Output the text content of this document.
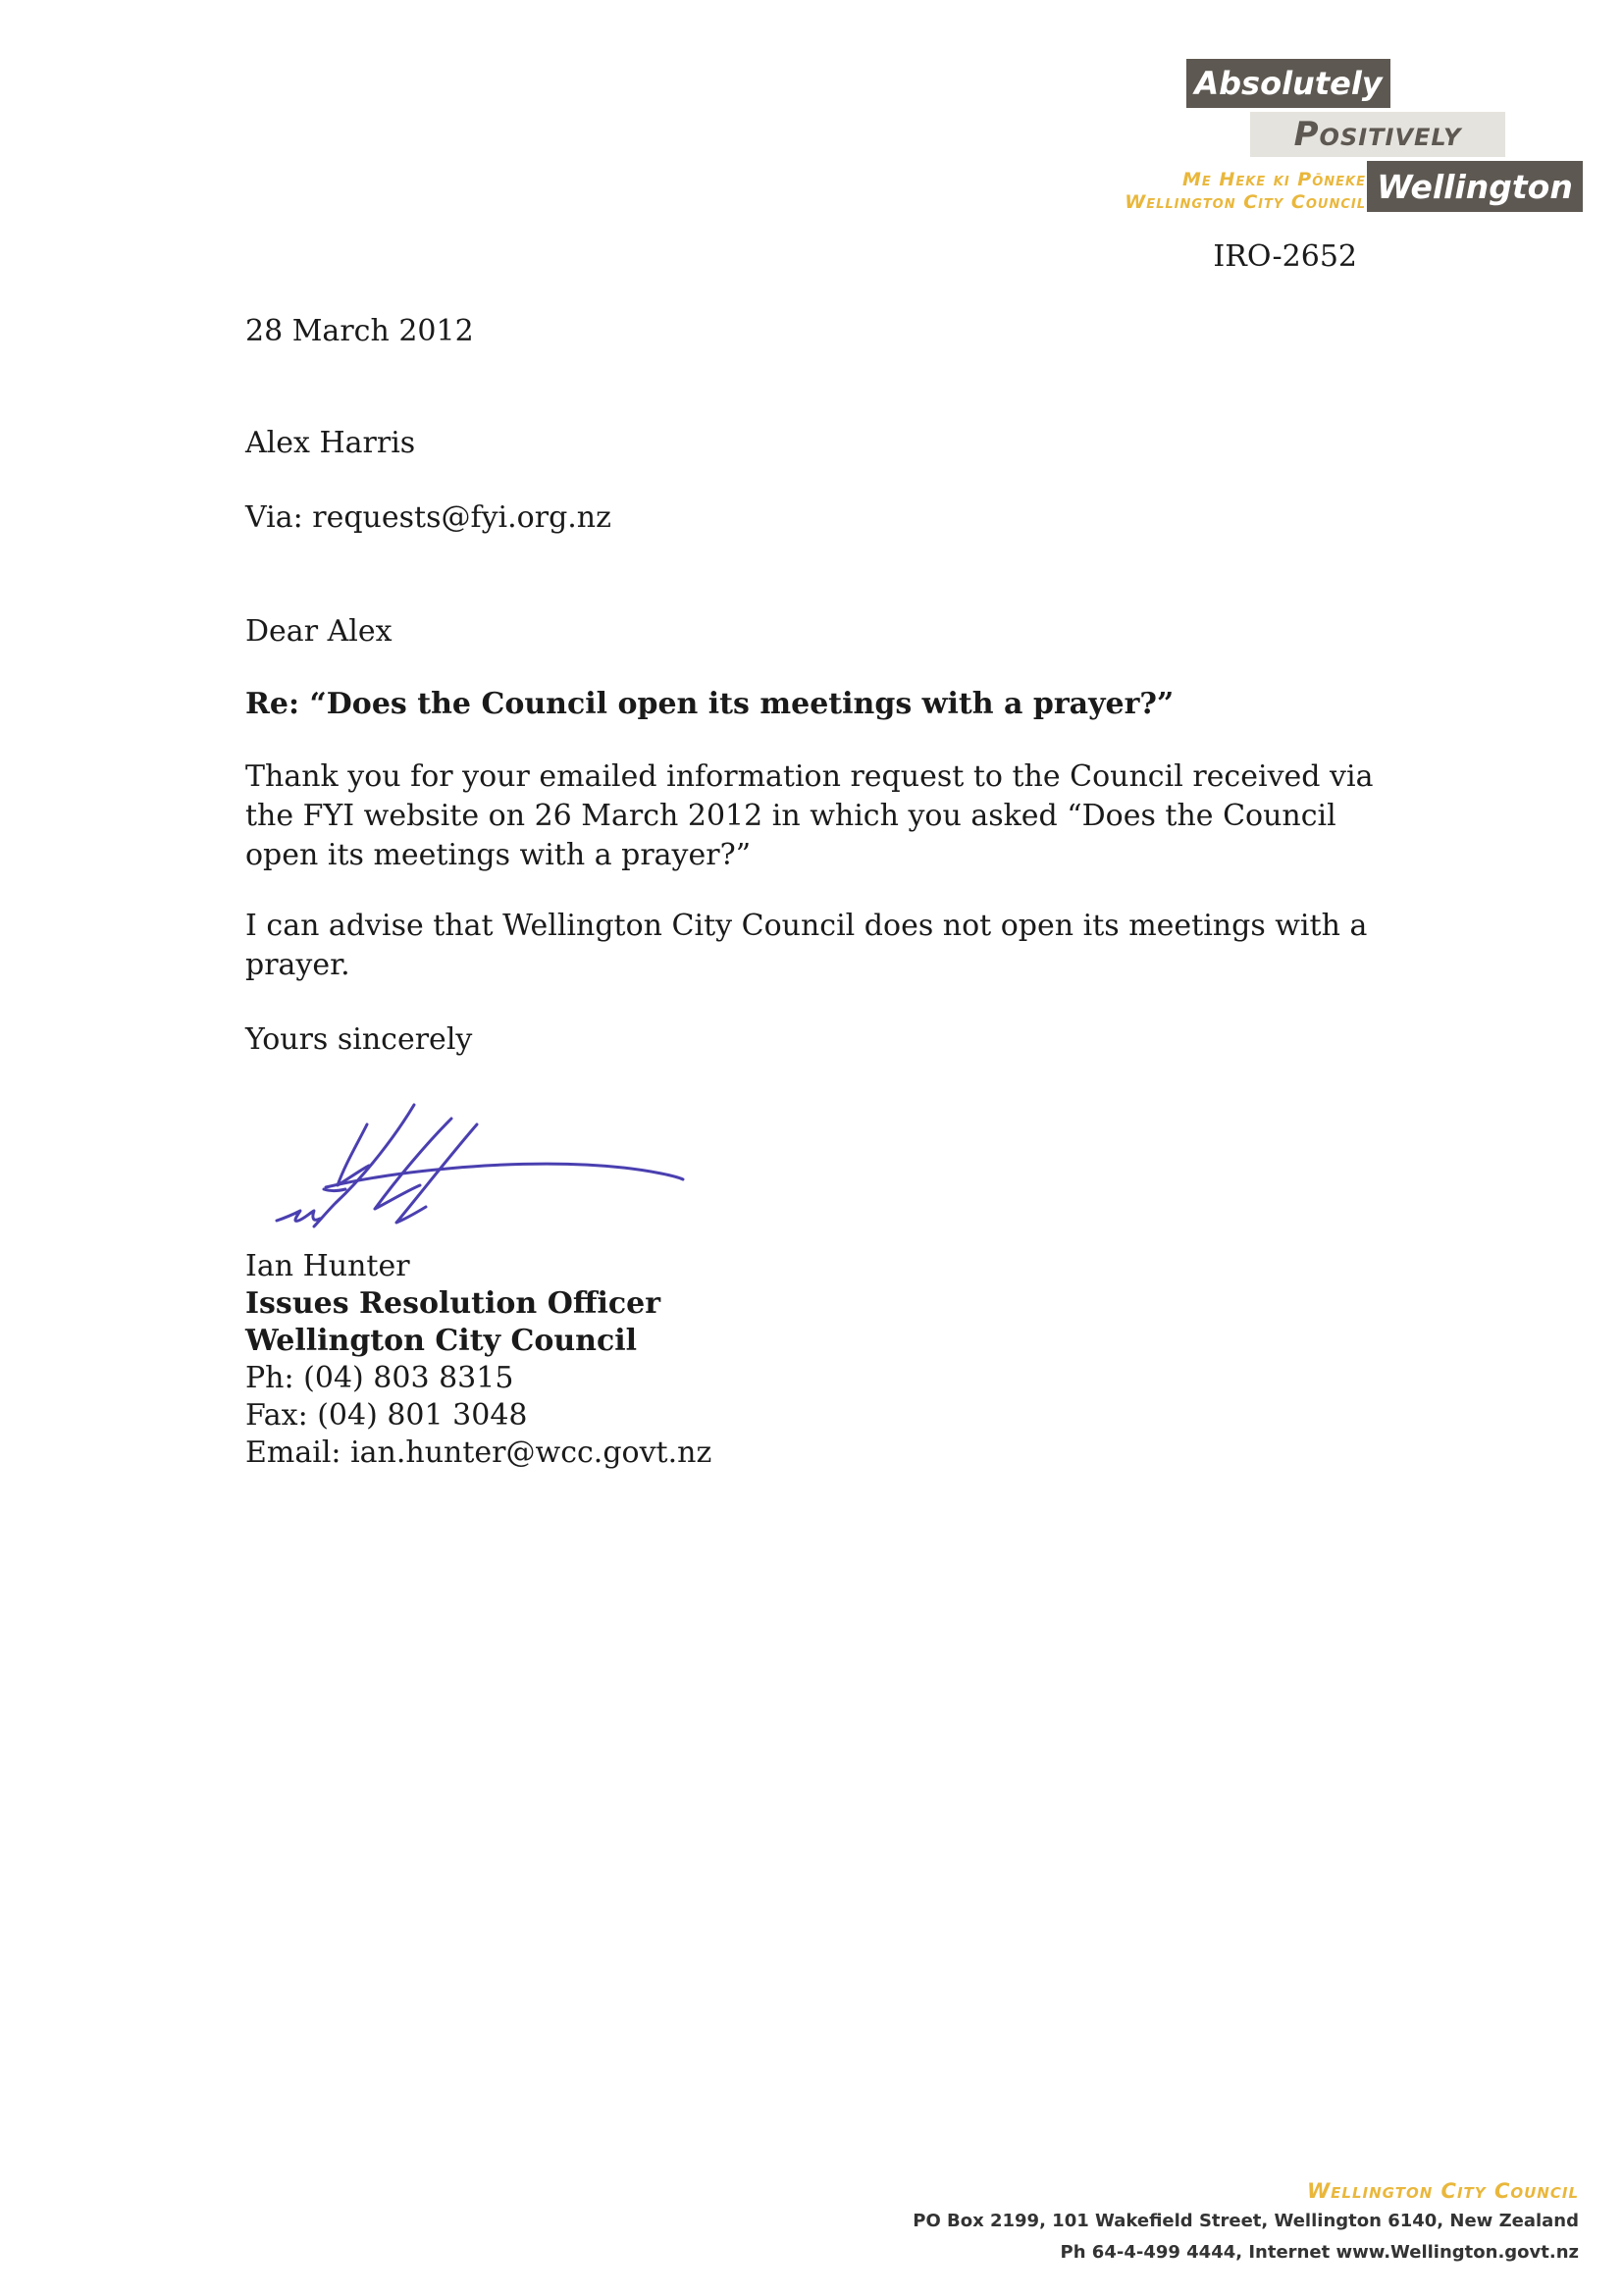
Absolutely
Positively
Wellington
Me Heke ki Pōneke
Wellington City Council
IRO-2652
28 March 2012
Alex Harris
Via: requests@fyi.org.nz
Dear Alex
Re: “Does the Council open its meetings with a prayer?”
Thank you for your emailed information request to the Council received via the FYI website on 26 March 2012 in which you asked “Does the Council open its meetings with a prayer?”
I can advise that Wellington City Council does not open its meetings with a prayer.
Yours sincerely
Ian Hunter
Issues Resolution Officer
Wellington City Council
Ph: (04) 803 8315
Fax: (04) 801 3048
Email: ian.hunter@wcc.govt.nz
Wellington City Council
PO Box 2199, 101 Wakefield Street, Wellington 6140, New Zealand
Ph 64-4-499 4444, Internet www.Wellington.govt.nz
